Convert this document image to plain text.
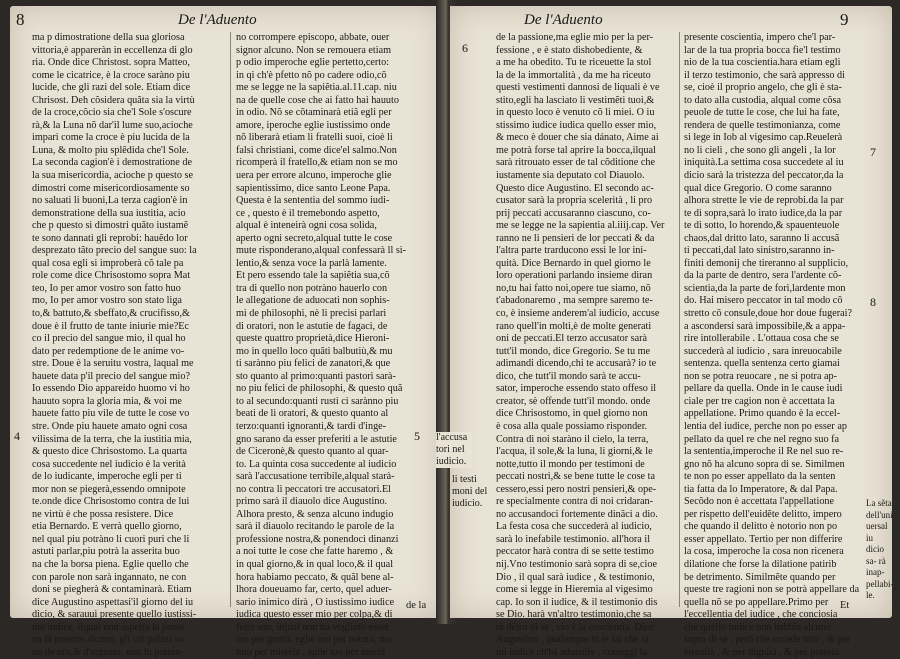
8	De l'Aduento
ma p dimostratione della sua gloriosa
vittoria,è appareràn in eccellenza di glo
ria. Onde dice Christost. sopra Matteo,
come le cicatrice, è la croce saràno piu
lucide, che gli razi del sole. Etiam dice
Chrisost. Deh cõsidera quãta sia la virtù
de la croce,cõcio sia che'l Sole s'oscure
rà,& la Luna nõ dar'il lume suo,acioche
impari come la croce è piu lucida de la
Luna, & molto piu splêdida che'l Sole.
La seconda cagion'è i demostratione de
la sua misericordia, acioche p questo se
dimostri come misericordiosamente so
no saluati li buoni,La terza cagion'è in
demonstratione della sua iustitia, acio
che p questo si dimostri quãto iustamẽ
te sono dannati gli reprobi: hauẽdo lor
desprezato tãto precio del sangue suo: la
qual cosa egli si improberà cõ tale pa
role come dice Chrisostomo sopra Mat
teo, Io per amor vostro son fatto huo
mo, Io per amor vostro son stato liga
to,& battuto,& sbeffato,& crucifisso,&
doue è il frutto de tante iniurie mie?Ec
co il precio del sangue mio, il qual ho
dato per redemptione de le anime vo-
stre. Doue è la seruitu vostra, laqual me
hauete data p'il precio del sangue mio?
Io essendo Dio appareido huomo vi ho
hauuto sopra la gloria mia, & voi me
hauete fatto piu vile de tutte le cose vo
stre. Onde piu hauete amato ogni cosa
vilissima de la terra, che la iustitia mia,
& questo dice Chrisostomo. La quarta
cosa succedente nel iudicio è la verità
de lo iudicante, imperoche egli per ti
mor non se piegerà,essendo omnipote
te.onde dice Chrisostomo contra de lui
ne virtù è che possa resistere. Dice
etia Bernardo. E verrà quello giorno,
nel qual piu potràno li cuori puri che li
astuti parlar,piu potrà la asserita buo
na che la borsa piena. Eglie quello che
con parole non sarà ingannato, ne con
doni se piegherà & contaminarà. Etiam
dice Augustino aspettasi'il giorno del iu
dicio, & sarauui presente quello iustissi-
mo iudice, ilqual non aspetta la perso
na di potente alcuno, gli cui palazi so
no de oro,& d'argento, non lo potran-
no corrompere episcopo, abbate, ouer
signor alcuno. Non se remouera etiam
p odio imperoche eglie pertetto,certo:
in qi ch'è pfetto nõ po cadere odio,cõ
me se legge ne la sapiẽtia.al.11.cap. niu
na de quelle cose che ai fatto hai hauuto
in odio. Nõ se cõtaminarà etiã egli per
amore, iperoche eglie iustissimo onde
nõ liberarà etiam li fratelli suoi, cioè li
falsi christiani, come dice'el salmo.Non
ricomperà il fratello,& etiam non se mo
uera per errore alcuno, imperoche glie
sapientissimo, dice santo Leone Papa.
Questa è la sententia del sommo iudi-
ce , questo è il tremebondo aspetto,
alqual è inteneirà ogni cosa solida,
aperto ogni secreto,alqual tutte le cose
mute risponderano,alqual confessarà ll si-
lentio,& senza voce la parlà lamente.
Et pero essendo tale la sapiẽtia sua,cõ
tra di quello non potràno hauerlo con
le allegatione de aduocati non sophis-
mi de philosophi, nè li precisi parlari
di oratori, non le astutie de fagaci, de
queste quattro proprietà,dice Hieroni-
mo in quello loco quãti balbutiù,& mu
ti sarànno piu felici de zanatori,& que
sto quanto al primo:quanti pastori sarà-
no piu felici de philosophi, & questo quã
to al secundo:quanti rusti ci sarànno piu
beati de li oratori, & questo quanto al
terzo:quanti ignoranti,& tardi d'inge-
gno sarano da esser preferiti a le astutie
de Ciceronè,& questo quanto al quar-
to. La quinta cosa succedente al iudicio
sarà l'accusatione terribile,alqual starà-
no contra li peccatori tre accusatori.El
primo sarà il diauolo dice Augustino.
Alhora presto, & senza alcuno indugio
sarà il diauolo recitando le parole de la
professione nostra,& ponendoci dinanzi
a noi tutte le cose che fatte haremo , &
in qual giorno,& in qual loco,& il qual
hora habiamo peccato, & quãl bene al-
lhora doueuamo far, certo, quel aduer-
sario inimico dirà , O iustissimo iudice
iudica questo esser mio per colpa,& di
fetto suo, ilqual non ha voglìuto esser
tuo per gratia. eglie tuo per natura, ma
mio per miseria , eglie tuo per meriti
4	5
de la
l'accusa tori nel iudicio.
De l'Aduento	9
de la passione,ma eglie mio per la per-
fessione , e è stato dishobediente, &
a me ha obedito. Tu te riceuette la stol
la de la immortalità , da me ha riceuto
questi vestimenti dannosi de liquali è ve
stito,egli ha lasciato li vestimẽti tuoi,&
in questo loco è venuto cõ li miei. O iu
stissimo iudice iudica quello esser mio,
& meco è douer che sia dánato, Aime ai
me potrà forse tal aprire la bocca,ilqual
sarà ritrouato esser de tal cõditione che
iustamente sia deputato col Diauolo.
Questo dice Augustino. El secondo ac-
cusator sarà la propria scelerità , li pro
prij peccati accusaranno ciascuno, co-
me se legge ne la sapientia al.iiij.cap. Ver
ranno ne li pensieri de lor peccati & da
l'altra parte trarducono essi le lor ini-
quità. Dice Bernardo in quel giorno le
loro operationi parlando insieme diran
no,tu hai fatto noi,opere tue siamo, nõ
t'abadonaremo , ma sempre saremo te-
co, è insieme anderem'al iudicio, accuse
rano quell'in molti,è de molte generati
oni de peccati.El terzo accusator sarà
tutt'il mondo, dice Gregorio. Se tu me
adimandi dicendo,chi te accusarà? io te
dico, che tutt'il mondo sarà te accu-
sator, imperoche essendo stato offeso il
creator, sè offende tutt'il mondo. onde
dice Chrisostomo, in quel giorno non
è cosa alla quale possiamo risponder.
Contra di noi staràno il cielo, la terra,
l'acqua, il sole,& la luna, li giorni,& le
notte,tutto il mondo per testimoni de
peccati nostri,& se bene tutte le cose ta
cessero,essi pero nostri pensieri,& ope-
re specialmente contra di noi cridaran-
no accusandoci fortemente dinãci a dio.
La festa cosa che succederà al iudicio,
sarà lo inefabile testimonio. all'hora il
peccator harà contra di se sette testimo
nij.Vno testimonio sarà sopra di se,cioe
Dio , il qual sarà iudice , & testimonio,
come si legge in Hieremia al vigesimo
cap. Io son il iudice, & il testimonio dis
se Dio. harà vn'altro testimonio,che sa
rà dẽtro di se , cio è la coscientia. Dice
Augustino , qualunque tu te fai che ta
mi iudice ch'hà aduenire , correggi la
presente coscientia, impero che'l par-
lar de la tua propria bocca fie'l testimo
nio de la tua coscientia.hara etiam egli
il terzo testimonio, che sarà appresso di
se, cioè il proprio angelo, che gli è sta-
to dato alla custodia, alqual come cõsa
peuole de tutte le cose, che lui ha fate,
rendera de quelle testimonianza, come
si lege in Iob al vigesimo cap.Reuelerà
no li cieli , che sono gli angeli , la lor
iniquità.La settima cosa succedete al iu
dicio sarà la tristezza del peccator,da la
qual dice Gregorio. O come saranno
alhora strette le vie de reprobi.da la par
te di sopra,sarà lo irato iudice,da la par
te di sotto, lo horendo,& spauenteuole
chaos,dal dritto lato, saranno li accusã
ti peccati,dal lato sinistro,saranno in-
finiti demonij che tireranno al supplicio,
da la parte de dentro, sera l'ardente cõ-
scientia,da la parte de fori,lardente mon
do. Hai misero peccator in tal modo cõ
stretto cõ consule,doue hor doue fugerai?
a ascondersi sarà impossibile,& a appa-
rire intollerabile . L'ottaua cosa che se
succederà al iudicio , sara inreuocabile
sentenza. quella sentenza certo giamai
non se potra reuocare , ne si potra ap-
pellare da quella. Onde in le cause iudi
ciale per tre cagion non è accettata la
appellatione. Primo quando è la eccel-
lentia del iudice, perche non po esser ap
pellato da quel re che nel regno suo fa
la sententia,imperoche il Re nel suo re-
gno nõ ha alcuno sopra di se. Similmen
te non po esser appellato da la senten
tia fatta da lo Imperatore, & dal Papa.
Secõdo non è accettata l'appellatione
per rispetto dell'euidẽte delitto, impero
che quando il delitto è notorio non po
esser appellato. Tertio per non differire
la cosa, imperoche la cosa non ricenera
dilatione che forse la dilatione patirib
be detrimento. Similmẽte quando per
queste tre ragioni non se potrà appellare da
quella nõ se po appellare.Primo per
l'eccellentia del iudice , che conciosia
che quello iudice non habbia alcuno
sopra di se , peró che eccede tutti , & per
eternità , & per dignità , & per potestà.
6
7
8
li testi moni del iudicio.	La sẽta dell'uni uersal iu dicio sa- rà inap- pellabi- le.
Et
